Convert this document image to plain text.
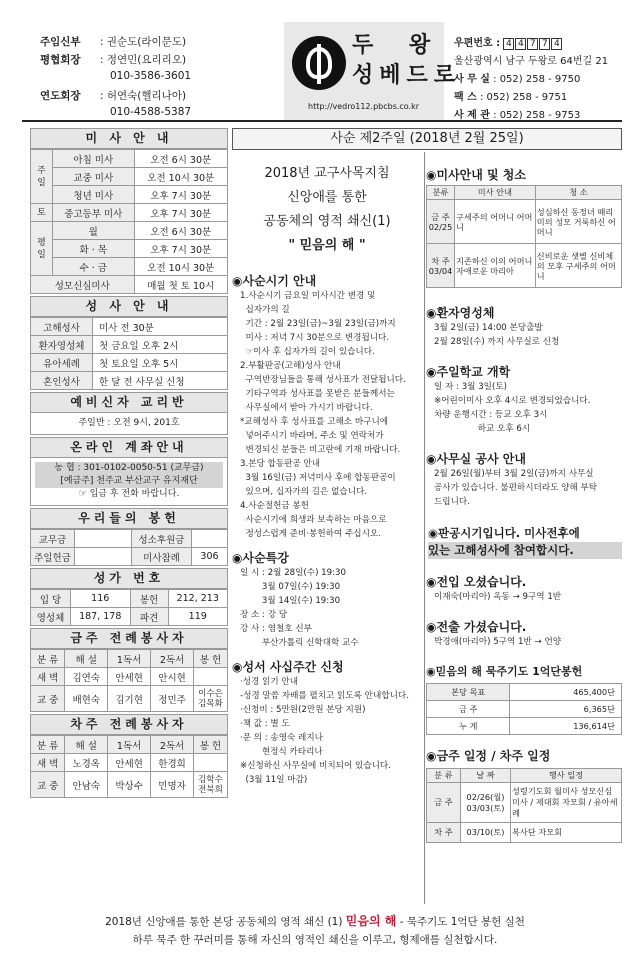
주임신부 : 권순도(라이문도)
평협회장 : 정연민(요리리오)
010-3586-3601
연도회장 : 허연숙(헬리나아)
010-4588-5387
두 왕
성베드로
http://vedro112.pbcbs.co.kr
우편번호 : 4 4 7 7 4
울산광역시 남구 두왕로 64번길 21
사 무 실 : 052) 258 - 9750
팩 스 : 052) 258 - 9751
사 제 관 : 052) 258 - 9753
미 사 안 내
주 일	아침 미사	오전 6시 30분
	교중 미사	오전 10시 30분
	청년 미사	오후 7시 30분
토	중고등부 미사	오후 7시 30분
평 일	월	오전 6시 30분
	화 · 목	오후 7시 30분
	수 · 금	오전 10시 30분
성모신심미사		매월 첫 토 10시
성 사 안 내
고해성사	미사 전 30분
환자영성체	첫 금요일 오후 2시
유아세례	첫 토요일 오후 5시
혼인성사	한 달 전 사무실 신청
예비신자 교리반
주일반 : 오전 9시, 201호
온라인 계좌안내
농 협 : 301-0102-0050-51 (교무금)
[예금주] 천주교 부산교구 유지재단
☞ 입금 후 전화 바랍니다.
우리들의 봉헌
교무금		성소후원금	
주일헌금		미사참례	306
성가 번호
입 당	116	봉헌	212, 213
영성체	187, 178	파견	119
금주 전례봉사자
분 류	해 설	1독서	2독서	봉 헌
새 벽	김연숙	안세현	안시현	
교 중	배현숙	김기현	정민주	이수은 김목화
차주 전례봉사자
분 류	해 설	1독서	2독서	봉 헌
새 벽	노경옥	안세현	한경희	
교 중	안남숙	박상수	민명자	김학수 전북희
사순 제2주일 (2018년 2월 25일)
2018년 교구사목지침
신앙애를 통한
공동체의 영적 쇄신(1)
" 믿음의 해 "
◉사순시기 안내
1.사순시기 금요일 미사시간 변경 및
십자가의 길
기간 : 2월 23일(금)~3월 23일(금)까지
미사 : 저녁 7시 30분으로 변경됩니다.
☞이사 후 십자가의 길이 있습니다.
2.부활판공(고해)성사 안내
구역반장님들을 통해 성사표가 전달됩니다.
기타구역과 성사표를 못받은 분들께서는
사무실에서 받아 가시기 바랍니다.
*교해성사 후 성사표를 고해소 바구니에
넣어주시기 바라며, 주소 및 연락처가
변경되신 분들은 비고란에 기재 바랍니다.
3.본당 합동판공 안내
3월 16일(금) 저녁미사 후에 합동판공이
있으며, 십자가의 길은 없습니다.
4.사순절헌금 봉헌
사순시기에 희생과 보속하는 마음으로
정성스럽게 준비·봉헌하여 주십시오.
◉사순특강
일 시 : 2월 28일(수) 19:30
3월 07일(수) 19:30
3월 14일(수) 19:30
장 소 : 강 당
강 사 : 염철호 신부
부산가톨릭 신학대학 교수
◉성서 사십주간 신청
·성경 읽기 안내
-성경 말씀 자배를 펼치고 읽도록 안내합니다.
·신청비 : 5만원(2만원 본당 지원)
·책 값 : 별 도
·문 의 : 송영숙 레지나
현정식 카타리나
※신청하신 사무실에 비치되어 있습니다.
(3월 11일 마감)
◉미사안내 및 청소
분류	미사 안내	청 소
금 주 02/25	구세주의 어머니 어머니	성심하신 동정녀 때리미의 성모 거룩하신 어머니
차 주 03/04	지존하신 이의 어머니 자애로운 마리아	신비로운 샛별 신비체의 모후 구세주의 어머니
◉환자영성체
3월 2일(금) 14:00 본당출발
2월 28일(수) 까지 사무실로 신청
◉주일학교 개학
일 자 : 3월 3일(토)
※어린이미사 오후 4시로 변경되었습니다.
차량 운행시간 : 등교 오후 3시
하교 오후 6시
◉사무실 공사 안내
2월 26일(월)부터 3월 2일(금)까지 사무실
공사가 있습니다. 불편하시더라도 양해 부탁
드립니다.
◉판공시기입니다. 미사전후에
있는 고해성사에 참여합시다.
◉전입 오셨습니다.
이재숙(마리아) 옥동 → 9구역 1반
◉전출 가셨습니다.
박경애(마리아) 5구역 1반 → 언양
◉믿음의 해 묵주기도 1억단봉헌
본당 목표	465,400단
금 주	6,365단
누 계	136,614단
◉금주 일정 / 차주 일정
분 류	날 짜	행사 일정
금 주	02/26(월) 03/03(토)	성령기도회 월미사 성모신심미사 / 제대회 자모회 / 유아세례
차 주	03/10(토)	복사단 자모회
2018년 신앙애를 통한 본당 공동체의 영적 쇄신 (1) 믿음의 해 - 묵주기도 1억단 봉헌 실천
하루 묵주 한 꾸러미를 통해 자신의 영적인 쇄신을 이루고, 형제애를 실천합시다.
